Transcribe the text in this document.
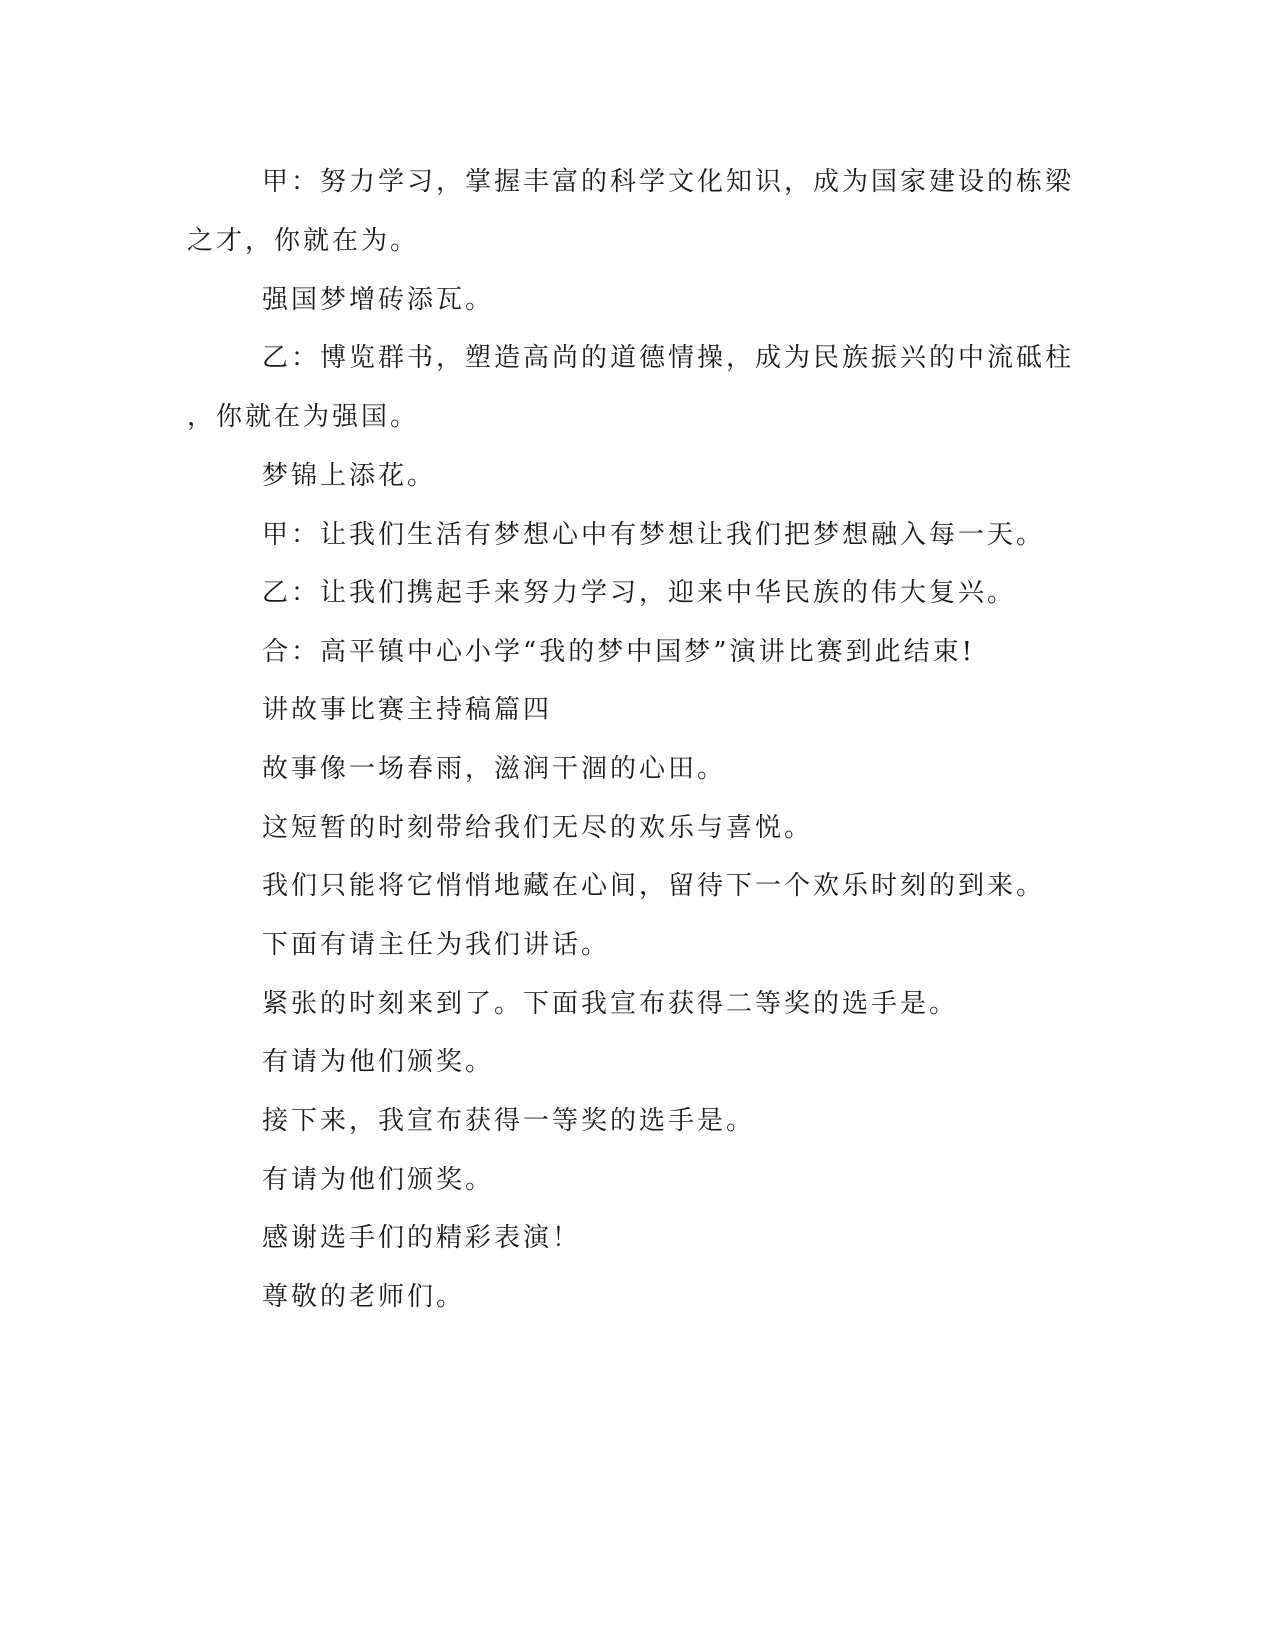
甲：努力学习，掌握丰富的科学文化知识，成为国家建设的栋梁
之才，你就在为。
强国梦增砖添瓦。
乙：博览群书，塑造高尚的道德情操，成为民族振兴的中流砥柱
，你就在为强国。
梦锦上添花。
甲：让我们生活有梦想心中有梦想让我们把梦想融入每一天。
乙：让我们携起手来努力学习，迎来中华民族的伟大复兴。
合：高平镇中心小学“我的梦中国梦”演讲比赛到此结束!
讲故事比赛主持稿篇四
故事像一场春雨，滋润干涸的心田。
这短暂的时刻带给我们无尽的欢乐与喜悦。
我们只能将它悄悄地藏在心间，留待下一个欢乐时刻的到来。
下面有请主任为我们讲话。
紧张的时刻来到了。下面我宣布获得二等奖的选手是。
有请为他们颁奖。
接下来，我宣布获得一等奖的选手是。
有请为他们颁奖。
感谢选手们的精彩表演！
尊敬的老师们。
